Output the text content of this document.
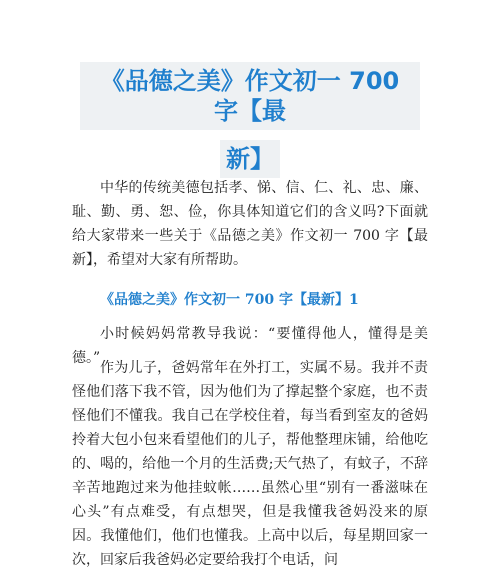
《品德之美》作文初一 700 字【最
新】

中华的传统美德包括孝、悌、信、仁、礼、忠、廉、耻、勤、勇、恕、俭，你具体知道它们的含义吗?下面就给大家带来一些关于《品德之美》作文初一 700 字【最新】，希望对大家有所帮助。

《品德之美》作文初一 700 字【最新】1

小时候妈妈常教导我说：“要懂得他人，懂得是美德。”

作为儿子，爸妈常年在外打工，实属不易。我并不责怪他们落下我不管，因为他们为了撑起整个家庭，也不责怪他们不懂我。我自己在学校住着，每当看到室友的爸妈拎着大包小包来看望他们的儿子，帮他整理床铺，给他吃的、喝的，给他一个月的生活费;天气热了，有蚊子，不辞辛苦地跑过来为他挂蚊帐……虽然心里“别有一番滋味在心头”有点难受，有点想哭，但是我懂我爸妈没来的原因。我懂他们，他们也懂我。上高中以后，每星期回家一次，回家后我爸妈必定要给我打个电话，问
